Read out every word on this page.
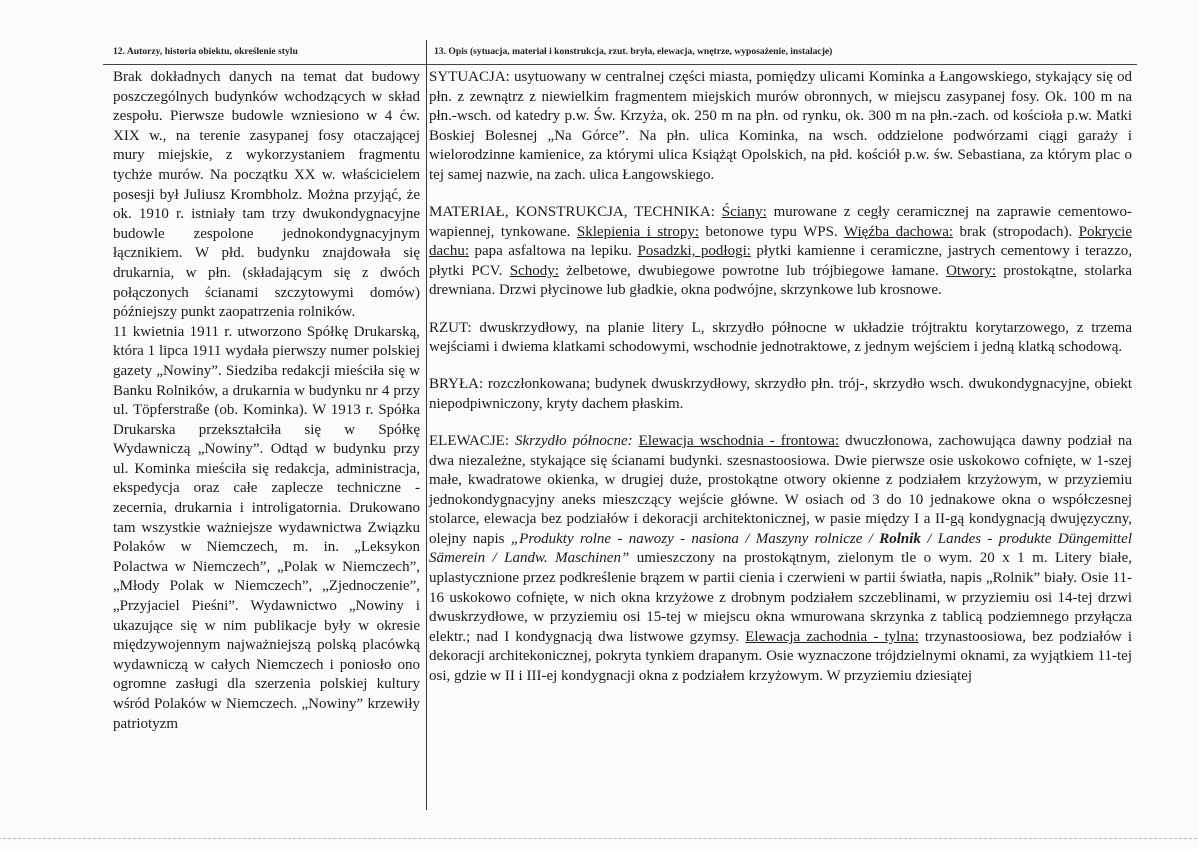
12. Autorzy, historia obiektu, określenie stylu	13. Opis (sytuacja, materiał i konstrukcja, rzut. bryła, elewacja, wnętrze, wyposażenie, instalacje)

Brak dokładnych danych na temat dat budowy poszczególnych budynków wchodzących w skład zespołu. Pierwsze budowle wzniesiono w 4 ćw. XIX w., na terenie zasypanej fosy otaczającej mury miejskie, z wykorzystaniem fragmentu tychże murów. Na początku XX w. właścicielem posesji był Juliusz Krombholz. Można przyjąć, że ok. 1910 r. istniały tam trzy dwukondygnacyjne budowle zespolone jednokondygnacyjnym łącznikiem. W płd. budynku znajdowała się drukarnia, w płn. (składającym się z dwóch połączonych ścianami szczytowymi domów) późniejszy punkt zaopatrzenia rolników.

11 kwietnia 1911 r. utworzono Spółkę Drukarską, która 1 lipca 1911 wydała pierwszy numer polskiej gazety „Nowiny”. Siedziba redakcji mieściła się w Banku Rolników, a drukarnia w budynku nr 4 przy ul. Töpferstraße (ob. Kominka). W 1913 r. Spółka Drukarska przekształciła się w Spółkę Wydawniczą „Nowiny”. Odtąd w budynku przy ul. Kominka mieściła się redakcja, administracja, ekspedycja oraz całe zaplecze techniczne - zecernia, drukarnia i introligatornia. Drukowano tam wszystkie ważniejsze wydawnictwa Związku Polaków w Niemczech, m. in. „Leksykon Polactwa w Niemczech”, „Polak w Niemczech”, „Młody Polak w Niemczech”, „Zjednoczenie”, „Przyjaciel Pieśni”. Wydawnictwo „Nowiny i ukazujące się w nim publikacje były w okresie międzywojennym najważniejszą polską placówką wydawniczą w całych Niemczech i poniosło ono ogromne zasługi dla szerzenia polskiej kultury wśród Polaków w Niemczech. „Nowiny” krzewiły patriotyzm

SYTUACJA: usytuowany w centralnej części miasta, pomiędzy ulicami Kominka a Łangowskiego, stykający się od płn. z zewnątrz z niewielkim fragmentem miejskich murów obronnych, w miejscu zasypanej fosy. Ok. 100 m na płn.-wsch. od katedry p.w. Św. Krzyża, ok. 250 m na płn. od rynku, ok. 300 m na płn.-zach. od kościoła p.w. Matki Boskiej Bolesnej „Na Górce”. Na płn. ulica Kominka, na wsch. oddzielone podwórzami ciągi garaży i wielorodzinne kamienice, za którymi ulica Książąt Opolskich, na płd. kościół p.w. św. Sebastiana, za którym plac o tej samej nazwie, na zach. ulica Łangowskiego.

MATERIAŁ, KONSTRUKCJA, TECHNIKA: Ściany: murowane z cegły ceramicznej na zaprawie cementowo-wapiennej, tynkowane. Sklepienia i stropy: betonowe typu WPS. Więźba dachowa: brak (stropodach). Pokrycie dachu: papa asfaltowa na lepiku. Posadzki, podłogi: płytki kamienne i ceramiczne, jastrych cementowy i terazzo, płytki PCV. Schody: żelbetowe, dwubiegowe powrotne lub trójbiegowe łamane. Otwory: prostokątne, stolarka drewniana. Drzwi płycinowe lub gładkie, okna podwójne, skrzynkowe lub krosnowe.

RZUT: dwuskrzydłowy, na planie litery L, skrzydło północne w układzie trójtraktu korytarzowego, z trzema wejściami i dwiema klatkami schodowymi, wschodnie jednotraktowe, z jednym wejściem i jedną klatką schodową.

BRYŁA: rozczłonkowana; budynek dwuskrzydłowy, skrzydło płn. trój-, skrzydło wsch. dwukondygnacyjne, obiekt niepodpiwniczony, kryty dachem płaskim.

ELEWACJE: Skrzydło północne: Elewacja wschodnia - frontowa: dwuczłonowa, zachowująca dawny podział na dwa niezależne, stykające się ścianami budynki. szesnastoosiowa. Dwie pierwsze osie uskokowo cofnięte, w 1-szej małe, kwadratowe okienka, w drugiej duże, prostokątne otwory okienne z podziałem krzyżowym, w przyziemiu jednokondygnacyjny aneks mieszczący wejście główne. W osiach od 3 do 10 jednakowe okna o współczesnej stolarce, elewacja bez podziałów i dekoracji architektonicznej, w pasie między I a II-gą kondygnacją dwujęzyczny, olejny napis „Produkty rolne - nawozy - nasiona / Maszyny rolnicze / Rolnik / Landes - produkte Düngemittel Sämerein / Landw. Maschinen” umieszczony na prostokątnym, zielonym tle o wym. 20 x 1 m. Litery białe, uplastycznione przez podkreślenie brązem w partii cienia i czerwieni w partii światła, napis „Rolnik” biały. Osie 11-16 uskokowo cofnięte, w nich okna krzyżowe z drobnym podziałem szczeblinami, w przyziemiu osi 14-tej drzwi dwuskrzydłowe, w przyziemiu osi 15-tej w miejscu okna wmurowana skrzynka z tablicą podziemnego przyłącza elektr.; nad I kondygnacją dwa listwowe gzymsy. Elewacja zachodnia - tylna: trzynastoosiowa, bez podziałów i dekoracji architekonicznej, pokryta tynkiem drapanym. Osie wyznaczone trójdzielnymi oknami, za wyjątkiem 11-tej osi, gdzie w II i III-ej kondygnacji okna z podziałem krzyżowym. W przyziemiu dziesiątej
